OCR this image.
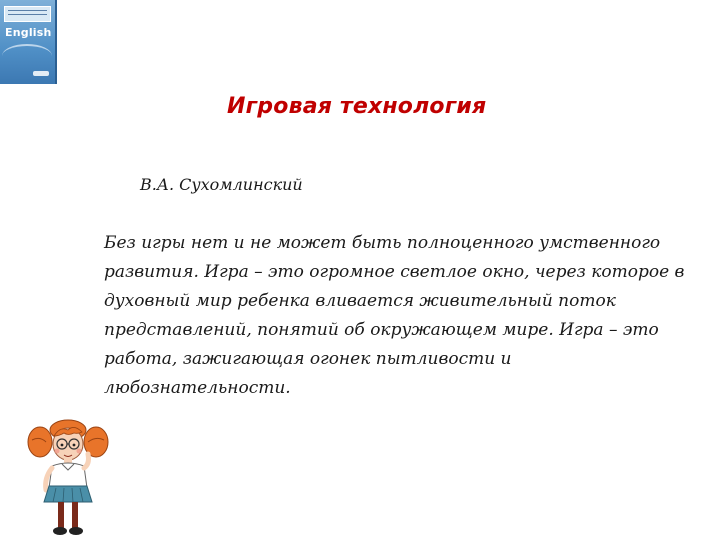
English
Игровая технология
В.А. Сухомлинский

Без игры нет и не может быть полноценного умственного развития. Игра – это огромное светлое окно, через которое в духовный мир ребенка вливается живительный поток представлений, понятий об окружающем мире. Игра – это работа, зажигающая огонек пытливости и любознательности.
